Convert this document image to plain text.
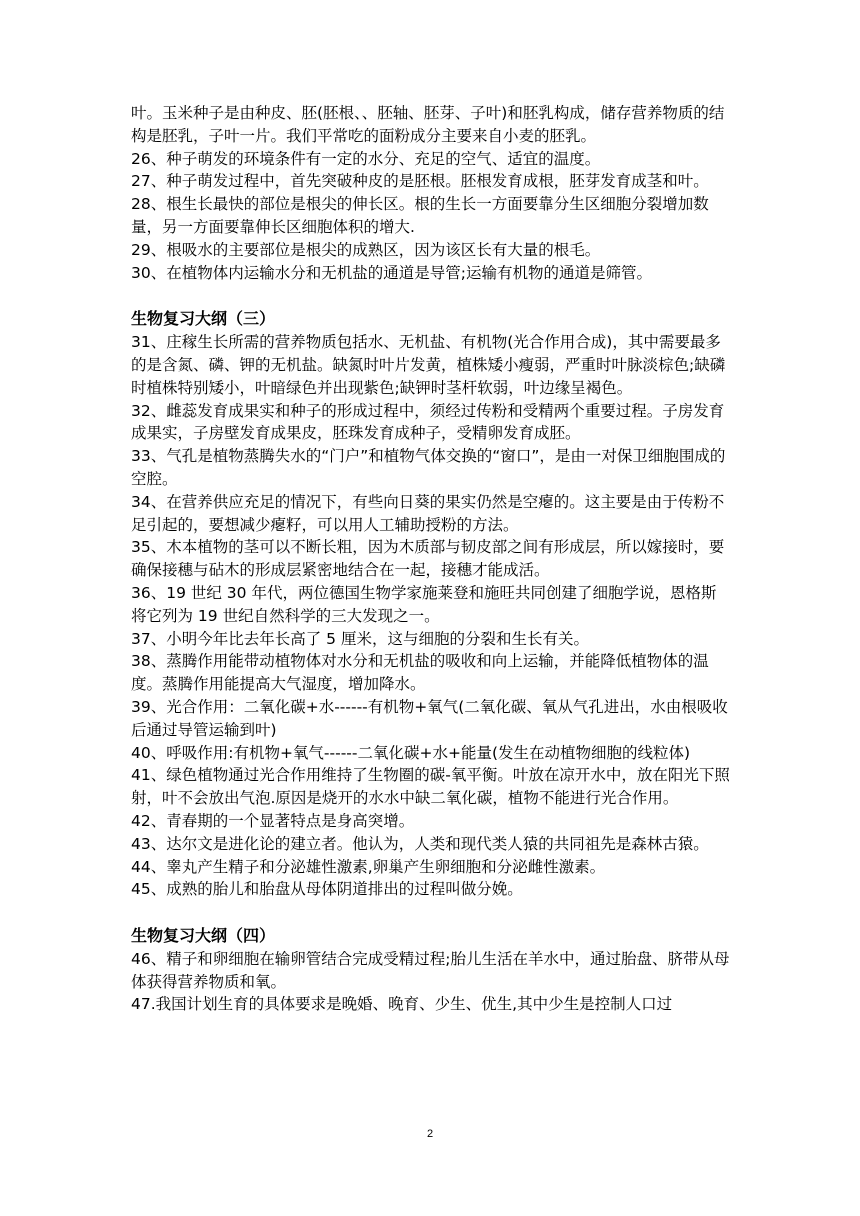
叶。玉米种子是由种皮、胚(胚根、、胚轴、胚芽、子叶)和胚乳构成，储存营养物质的结构是胚乳，子叶一片。我们平常吃的面粉成分主要来自小麦的胚乳。

26、种子萌发的环境条件有一定的水分、充足的空气、适宜的温度。

27、种子萌发过程中，首先突破种皮的是胚根。胚根发育成根，胚芽发育成茎和叶。

28、根生长最快的部位是根尖的伸长区。根的生长一方面要靠分生区细胞分裂增加数量，另一方面要靠伸长区细胞体积的增大.

29、根吸水的主要部位是根尖的成熟区，因为该区长有大量的根毛。

30、在植物体内运输水分和无机盐的通道是导管;运输有机物的通道是筛管。

生物复习大纲（三）

31、庄稼生长所需的营养物质包括水、无机盐、有机物(光合作用合成)，其中需要最多的是含氮、磷、钾的无机盐。缺氮时叶片发黄，植株矮小瘦弱，严重时叶脉淡棕色;缺磷时植株特别矮小，叶暗绿色并出现紫色;缺钾时茎杆软弱，叶边缘呈褐色。

32、雌蕊发育成果实和种子的形成过程中，须经过传粉和受精两个重要过程。子房发育成果实，子房壁发育成果皮，胚珠发育成种子，受精卵发育成胚。

33、气孔是植物蒸腾失水的“门户”和植物气体交换的“窗口”，是由一对保卫细胞围成的空腔。

34、在营养供应充足的情况下，有些向日葵的果实仍然是空瘪的。这主要是由于传粉不足引起的，要想减少瘪籽，可以用人工辅助授粉的方法。

35、木本植物的茎可以不断长粗，因为木质部与韧皮部之间有形成层，所以嫁接时，要确保接穗与砧木的形成层紧密地结合在一起，接穗才能成活。

36、19 世纪 30 年代，两位德国生物学家施莱登和施旺共同创建了细胞学说，恩格斯将它列为 19 世纪自然科学的三大发现之一。

37、小明今年比去年长高了 5 厘米，这与细胞的分裂和生长有关。

38、蒸腾作用能带动植物体对水分和无机盐的吸收和向上运输，并能降低植物体的温度。蒸腾作用能提高大气湿度，增加降水。

39、光合作用：二氧化碳+水------有机物+氧气(二氧化碳、氧从气孔进出，水由根吸收后通过导管运输到叶)

40、呼吸作用:有机物+氧气------二氧化碳+水+能量(发生在动植物细胞的线粒体)

41、绿色植物通过光合作用维持了生物圈的碳-氧平衡。叶放在凉开水中，放在阳光下照射，叶不会放出气泡.原因是烧开的水水中缺二氧化碳，植物不能进行光合作用。

42、青春期的一个显著特点是身高突增。

43、达尔文是进化论的建立者。他认为，人类和现代类人猿的共同祖先是森林古猿。

44、睾丸产生精子和分泌雄性激素,卵巢产生卵细胞和分泌雌性激素。

45、成熟的胎儿和胎盘从母体阴道排出的过程叫做分娩。

生物复习大纲（四）

46、精子和卵细胞在输卵管结合完成受精过程;胎儿生活在羊水中，通过胎盘、脐带从母体获得营养物质和氧。

47.我国计划生育的具体要求是晚婚、晚育、少生、优生,其中少生是控制人口过

2
